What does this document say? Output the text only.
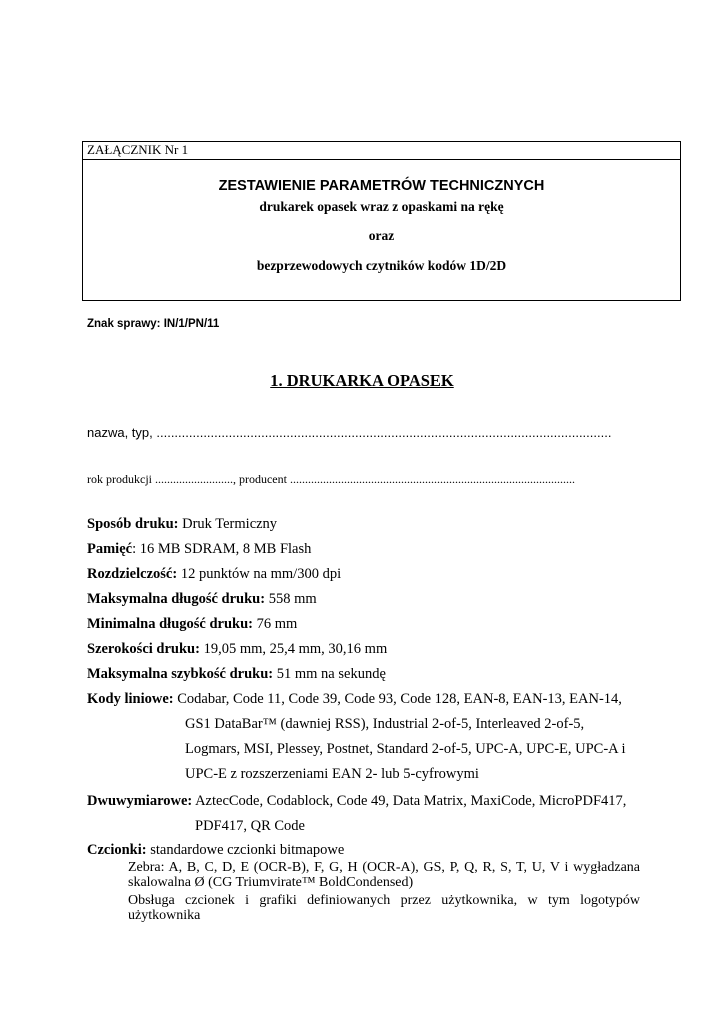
ZAŁĄCZNIK Nr 1
ZESTAWIENIE PARAMETRÓW TECHNICZNYCH
drukarek opasek wraz z opaskami na rękę
oraz
bezprzewodowych czytników kodów 1D/2D
Znak sprawy: IN/1/PN/11
1. DRUKARKA OPASEK
nazwa, typ, ..............................................................................................................................
rok produkcji .........................., producent ...............................................................................................
Sposób druku: Druk Termiczny
Pamięć: 16 MB SDRAM, 8 MB Flash
Rozdzielczość: 12 punktów na mm/300 dpi
Maksymalna długość druku: 558 mm
Minimalna długość druku: 76 mm
Szerokości druku: 19,05 mm, 25,4 mm, 30,16 mm
Maksymalna szybkość druku: 51 mm na sekundę
Kody liniowe: Codabar, Code 11, Code 39, Code 93, Code 128, EAN-8, EAN-13, EAN-14,
GS1 DataBar™ (dawniej RSS), Industrial 2-of-5, Interleaved 2-of-5,
Logmars, MSI, Plessey, Postnet, Standard 2-of-5, UPC-A, UPC-E, UPC-A i
UPC-E z rozszerzeniami EAN 2- lub 5-cyfrowymi
Dwuwymiarowe: AztecCode, Codablock, Code 49, Data Matrix, MaxiCode, MicroPDF417,
PDF417, QR Code
Czcionki: standardowe czcionki bitmapowe
Zebra: A, B, C, D, E (OCR-B), F, G, H (OCR-A), GS, P, Q, R, S, T, U, V i wygładzana skalowalna Ø (CG Triumvirate™ BoldCondensed)
Obsługa czcionek i grafiki definiowanych przez użytkownika, w tym logotypów użytkownika
